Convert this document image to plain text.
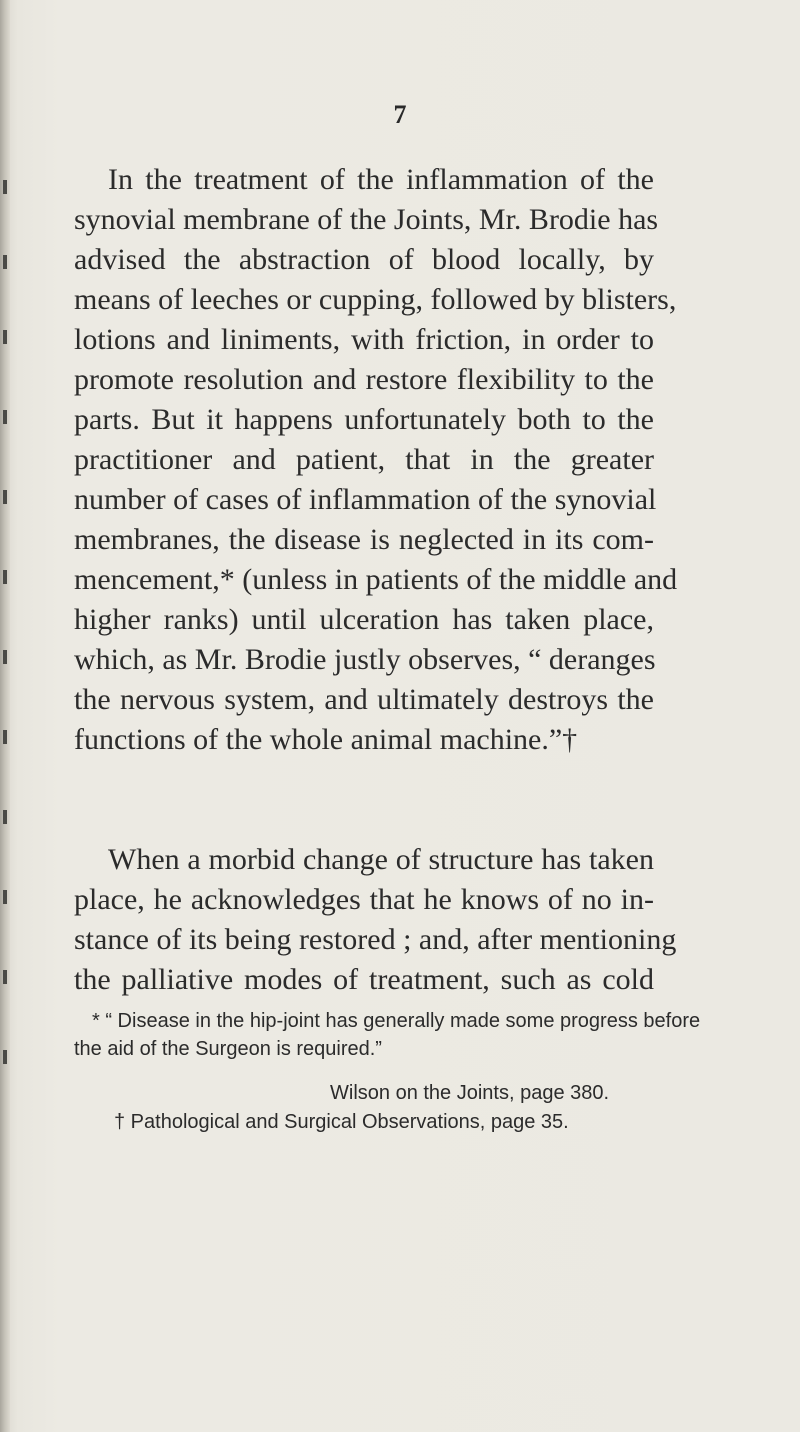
7
In the treatment of the inflammation of the
synovial membrane of the Joints, Mr. Brodie has
advised the abstraction of blood locally, by
means of leeches or cupping, followed by blisters,
lotions and liniments, with friction, in order to
promote resolution and restore flexibility to the
parts. But it happens unfortunately both to the
practitioner and patient, that in the greater
number of cases of inflammation of the synovial
membranes, the disease is neglected in its com-
mencement,* (unless in patients of the middle and
higher ranks) until ulceration has taken place,
which, as Mr. Brodie justly observes, “ deranges
the nervous system, and ultimately destroys the
functions of the whole animal machine.”†
When a morbid change of structure has taken
place, he acknowledges that he knows of no in-
stance of its being restored ; and, after mentioning
the palliative modes of treatment, such as cold
* “ Disease in the hip-joint has generally made some progress before
the aid of the Surgeon is required.”
Wilson on the Joints, page 380.
† Pathological and Surgical Observations, page 35.
